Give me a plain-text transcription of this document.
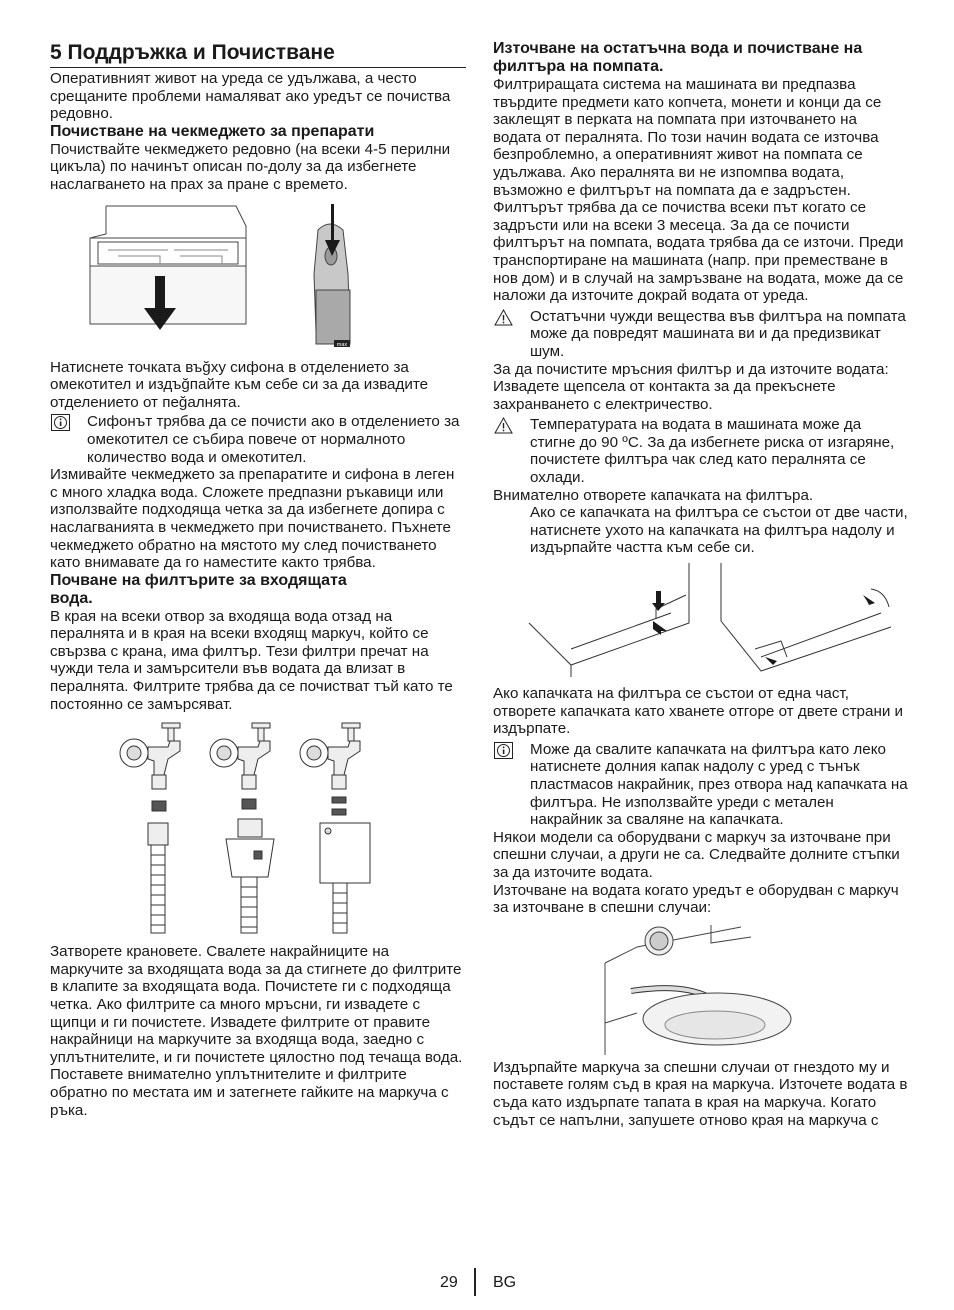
5 Поддръжка и Почистване

Оперативният живот на уреда се удължава, а често срещаните проблеми намаляват ако уредът се почиства редовно.

Почистване на чекмеджето за препарати

Почиствайте чекмеджето редовно (на всеки 4-5 перилни цикъла) по начинът описан по-долу за да избегнете наслагването на прах за пране с времето.

max

Натиснете точката въğху сифона в отделението за омекотител и издъğпайте към себе си за да извадите отделението от пеğалнята.

Сифонът трябва да се почисти ако в отделението за омекотител се събира повече от нормалното количество вода и омекотител.

Измивайте чекмеджето за препаратите и сифона в леген с много хладка вода. Сложете предпазни ръкавици или използвайте подходяща четка за да избегнете допира с наслагванията в чекмеджето при почистването. Пъхнете чекмеджето обратно на мястото му след почистването като внимавате да го наместите както трябва.

Почване на филтърите за входящата вода.

В края на всеки отвор за входяща вода отзад на пералнята и в края на всеки входящ маркуч, който се свързва с крана, има филтър. Тези филтри пречат на чужди тела и замърсители във водата да влизат в пералнята. Филтрите трябва да се почистват тъй като те постоянно се замърсяват.

Затворете крановете. Свалете накрайниците на маркучите за входящата вода за да стигнете до филтрите в клапите за входящата вода. Почистете ги с подходяща четка. Ако филтрите са много мръсни, ги извадете с щипци и ги почистете. Извадете филтрите от правите накрайници на маркучите за входяща вода, заедно с уплътнителите, и ги почистете цялостно под течаща вода. Поставете внимателно уплътнителите и филтрите обратно по местата им и затегнете гайките на маркуча с ръка.

Източване на остатъчна вода и почистване на филтъра на помпата.

Филтриращата система на машината ви предпазва твърдите предмети като копчета, монети и конци да се заклещят в перката на помпата при източването на водата от пералнята. По този начин водата се източва безпроблемно, а оперативният живот на помпата се удължава. Ако пералнята ви не изпомпва водата, възможно е филтърът на помпата да е задръстен. Филтърът трябва да се почиства всеки път когато се задръсти или на всеки 3 месеца. За да се почисти филтърът на помпата, водата трябва да се източи. Преди транспортиране на машината (напр. при преместване в нов дом) и в случай на замръзване на водата, може да се наложи да източите докрай водата от уреда.

Остатъчни чужди вещества във филтъра на помпата може да повредят машината ви и да предизвикат шум.

За да почистите мръсния филтър и да източите водата:

Извадете щепсела от контакта за да прекъснете захранването с електричество.

Температурата на водата в машината може да стигне до 90 ºC. За да избегнете риска от изгаряне, почистете филтъра чак след като пералнята се охлади.

Внимателно отворете капачката на филтъра.

Ако се капачката на филтъра се състои от две части, натиснете ухото на капачката на филтъра надолу и издърпайте частта към себе си.

Ако капачката на филтъра се състои от една част, отворете капачката като хванете отгоре от двете страни и издърпате.

Може да свалите капачката на филтъра като леко натиснете долния капак надолу с уред с тънък пластмасов накрайник, през отвора над капачката на филтъра. Не използвайте уреди с метален накрайник за сваляне на капачката.

Някои модели са оборудвани с маркуч за източване при спешни случаи, а други не са. Следвайте долните стъпки за да източите водата.

Източване на водата когато уредът е оборудван с маркуч за източване в спешни случаи:

Издърпайте маркуча за спешни случаи от гнездото му и поставете голям съд в края на маркуча. Източете водата в съда като издърпате тапата в края на маркуча. Когато съдът се напълни, запушете отново края на маркуча с

29 BG
